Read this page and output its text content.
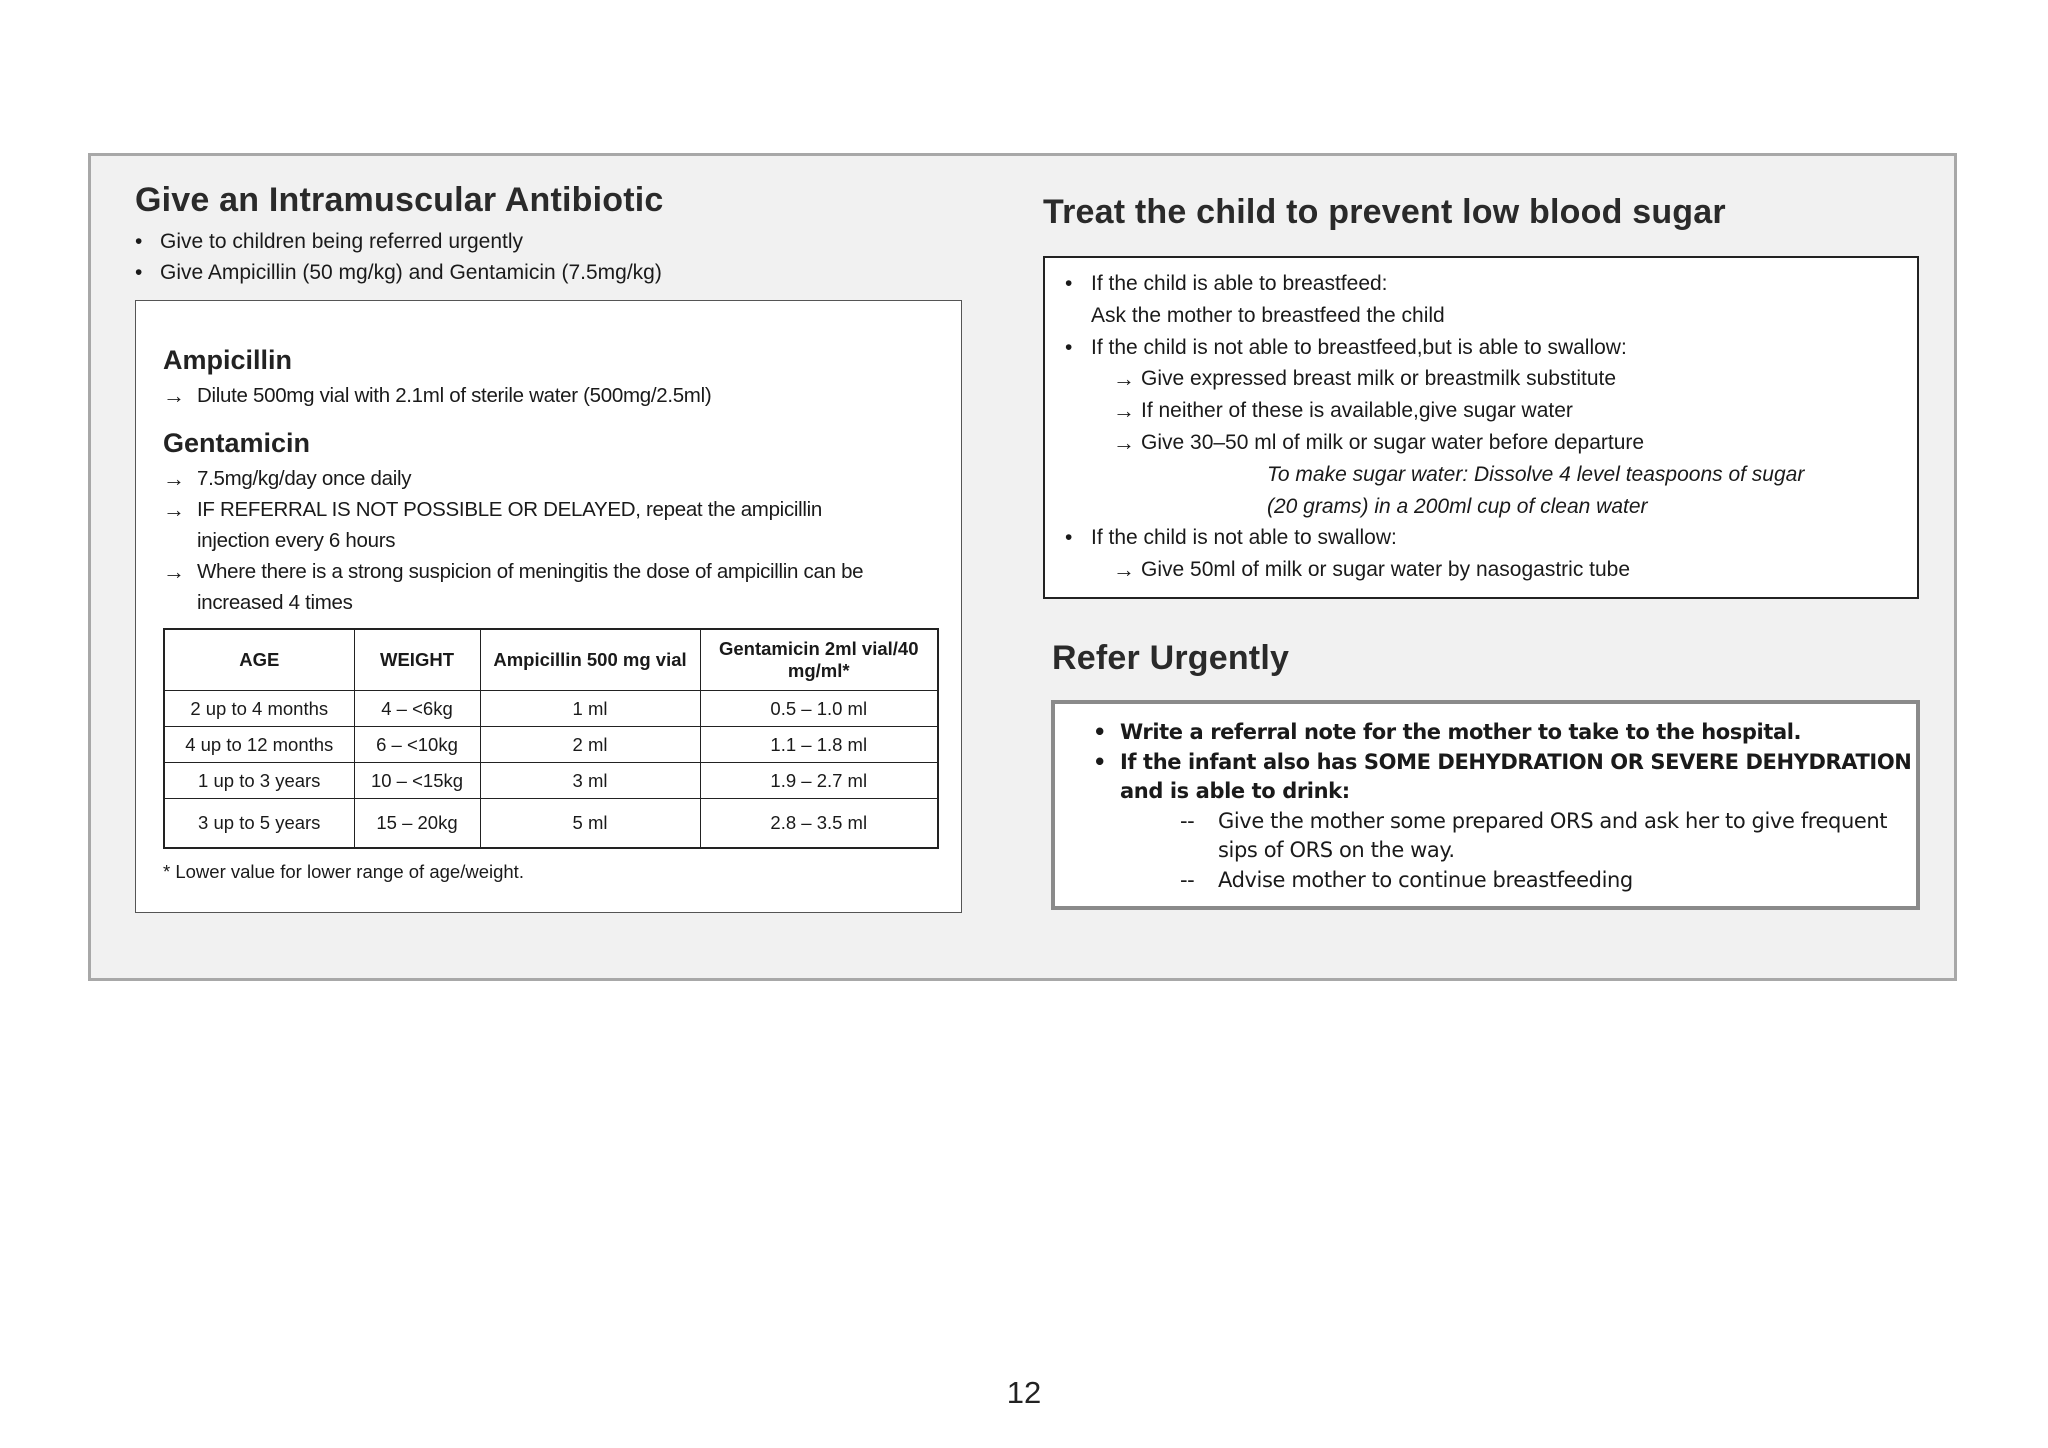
Give an Intramuscular Antibiotic
• Give to children being referred urgently
• Give Ampicillin (50 mg/kg) and Gentamicin (7.5mg/kg)
Ampicillin
→ Dilute 500mg vial with 2.1ml of sterile water (500mg/2.5ml)
Gentamicin
→ 7.5mg/kg/day once daily
→ IF REFERRAL IS NOT POSSIBLE OR DELAYED, repeat the ampicillin
injection every 6 hours
→ Where there is a strong suspicion of meningitis the dose of ampicillin can be
increased 4 times
AGE	WEIGHT	Ampicillin 500 mg vial	Gentamicin 2ml vial/40 mg/ml*
2 up to 4 months	4 – <6kg	1 ml	0.5 – 1.0 ml
4 up to 12 months	6 – <10kg	2 ml	1.1 – 1.8 ml
1 up to 3 years	10 – <15kg	3 ml	1.9 – 2.7 ml
3 up to 5 years	15 – 20kg	5 ml	2.8 – 3.5 ml
* Lower value for lower range of age/weight.
Treat the child to prevent low blood sugar
• If the child is able to breastfeed:
Ask the mother to breastfeed the child
• If the child is not able to breastfeed,but is able to swallow:
→ Give expressed breast milk or breastmilk substitute
→ If neither of these is available,give sugar water
→ Give 30–50 ml of milk or sugar water before departure
To make sugar water: Dissolve 4 level teaspoons of sugar
(20 grams) in a 200ml cup of clean water
• If the child is not able to swallow:
→ Give 50ml of milk or sugar water by nasogastric tube
Refer Urgently
• Write a referral note for the mother to take to the hospital.
• If the infant also has SOME DEHYDRATION OR SEVERE DEHYDRATION
and is able to drink:
-- Give the mother some prepared ORS and ask her to give frequent
sips of ORS on the way.
-- Advise mother to continue breastfeeding
12
